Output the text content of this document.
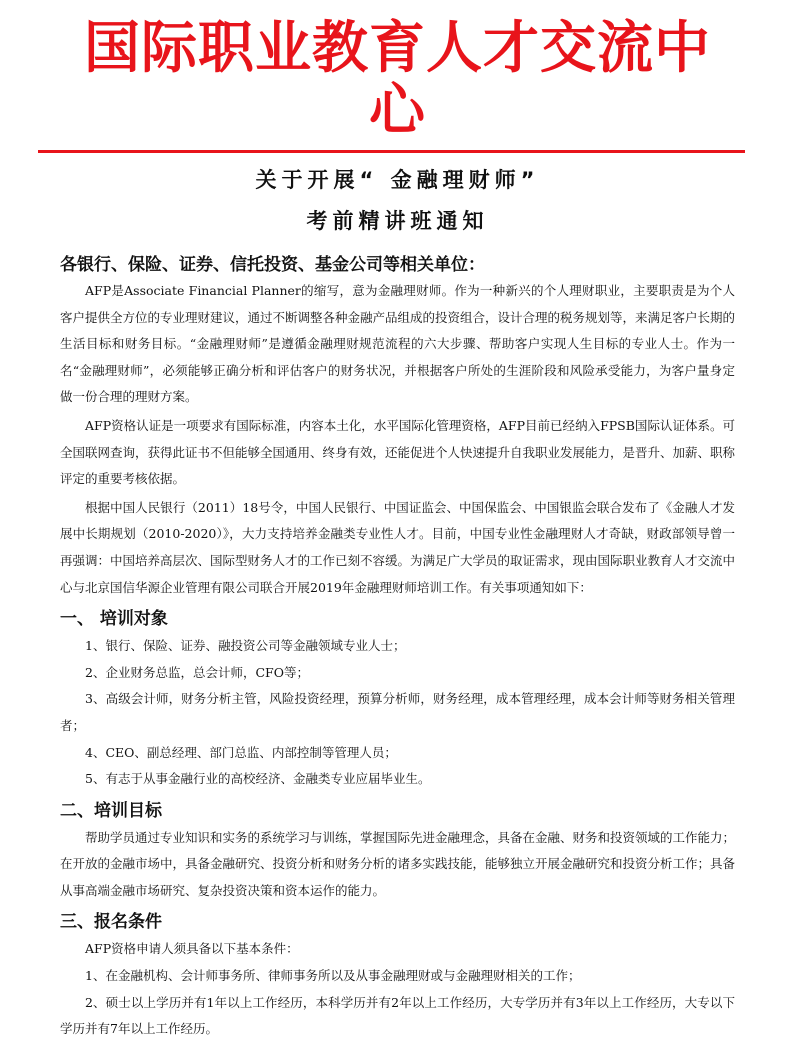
国际职业教育人才交流中心
关于开展“ 金融理财师”
考前精讲班通知
各银行、保险、证券、信托投资、基金公司等相关单位：

AFP是Associate Financial Planner的缩写，意为金融理财师。作为一种新兴的个人理财职业，主要职责是为个人客户提供全方位的专业理财建议，通过不断调整各种金融产品组成的投资组合，设计合理的税务规划等，来满足客户长期的生活目标和财务目标。“金融理财师”是遵循金融理财规范流程的六大步骤、帮助客户实现人生目标的专业人士。作为一名“金融理财师”，必须能够正确分析和评估客户的财务状况，并根据客户所处的生涯阶段和风险承受能力，为客户量身定做一份合理的理财方案。

AFP资格认证是一项要求有国际标准，内容本土化，水平国际化管理资格，AFP目前已经纳入FPSB国际认证体系。可全国联网查询，获得此证书不但能够全国通用、终身有效，还能促进个人快速提升自我职业发展能力，是晋升、加薪、职称评定的重要考核依据。

根据中国人民银行（2011）18号令，中国人民银行、中国证监会、中国保监会、中国银监会联合发布了《金融人才发展中长期规划（2010-2020）》，大力支持培养金融类专业性人才。目前，中国专业性金融理财人才奇缺，财政部领导曾一再强调：中国培养高层次、国际型财务人才的工作已刻不容缓。为满足广大学员的取证需求，现由国际职业教育人才交流中心与北京国信华源企业管理有限公司联合开展2019年金融理财师培训工作。有关事项通知如下：

一、 培训对象

1、银行、保险、证券、融投资公司等金融领域专业人士；

2、企业财务总监，总会计师，CFO等；

3、高级会计师，财务分析主管，风险投资经理，预算分析师，财务经理，成本管理经理，成本会计师等财务相关管理者；

4、CEO、副总经理、部门总监、内部控制等管理人员；

5、有志于从事金融行业的高校经济、金融类专业应届毕业生。

二、培训目标

帮助学员通过专业知识和实务的系统学习与训练，掌握国际先进金融理念，具备在金融、财务和投资领域的工作能力；在开放的金融市场中，具备金融研究、投资分析和财务分析的诸多实践技能，能够独立开展金融研究和投资分析工作；具备从事高端金融市场研究、复杂投资决策和资本运作的能力。

三、报名条件

AFP资格申请人须具备以下基本条件：

1、在金融机构、会计师事务所、律师事务所以及从事金融理财或与金融理财相关的工作；

2、硕士以上学历并有1年以上工作经历，本科学历并有2年以上工作经历，大专学历并有3年以上工作经历，大专以下学历并有7年以上工作经历。
